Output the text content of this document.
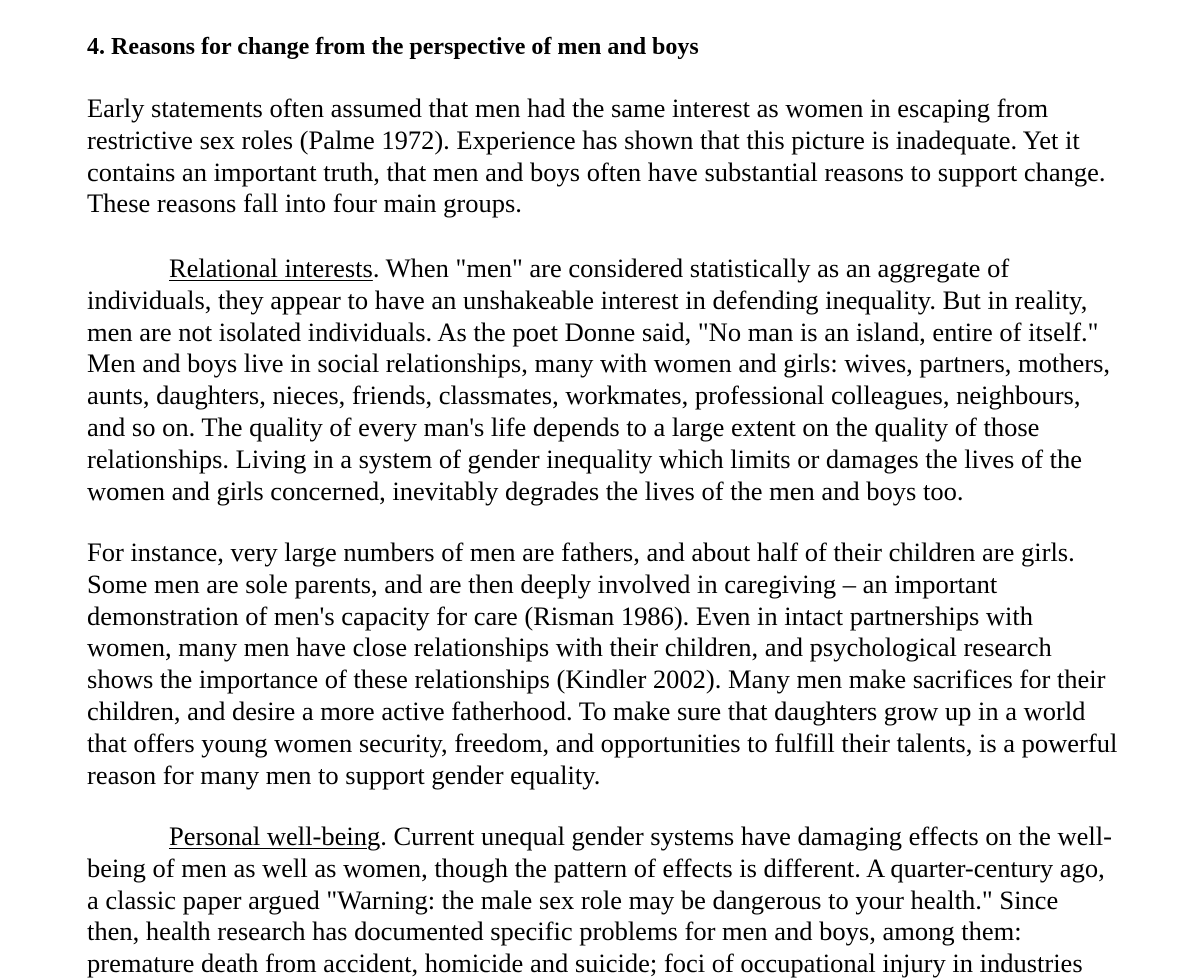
4. Reasons for change from the perspective of men and boys
Early statements often assumed that men had the same interest as women in escaping from
restrictive sex roles (Palme 1972). Experience has shown that this picture is inadequate. Yet it
contains an important truth, that men and boys often have substantial reasons to support change.
These reasons fall into four main groups.
Relational interests. When "men" are considered statistically as an aggregate of
individuals, they appear to have an unshakeable interest in defending inequality. But in reality,
men are not isolated individuals. As the poet Donne said, "No man is an island, entire of itself."
Men and boys live in social relationships, many with women and girls: wives, partners, mothers,
aunts, daughters, nieces, friends, classmates, workmates, professional colleagues, neighbours,
and so on. The quality of every man's life depends to a large extent on the quality of those
relationships. Living in a system of gender inequality which limits or damages the lives of the
women and girls concerned, inevitably degrades the lives of the men and boys too.
For instance, very large numbers of men are fathers, and about half of their children are girls.
Some men are sole parents, and are then deeply involved in caregiving – an important
demonstration of men's capacity for care (Risman 1986). Even in intact partnerships with
women, many men have close relationships with their children, and psychological research
shows the importance of these relationships (Kindler 2002). Many men make sacrifices for their
children, and desire a more active fatherhood. To make sure that daughters grow up in a world
that offers young women security, freedom, and opportunities to fulfill their talents, is a powerful
reason for many men to support gender equality.
Personal well-being. Current unequal gender systems have damaging effects on the well-
being of men as well as women, though the pattern of effects is different. A quarter-century ago,
a classic paper argued "Warning: the male sex role may be dangerous to your health." Since
then, health research has documented specific problems for men and boys, among them:
premature death from accident, homicide and suicide; foci of occupational injury in industries
